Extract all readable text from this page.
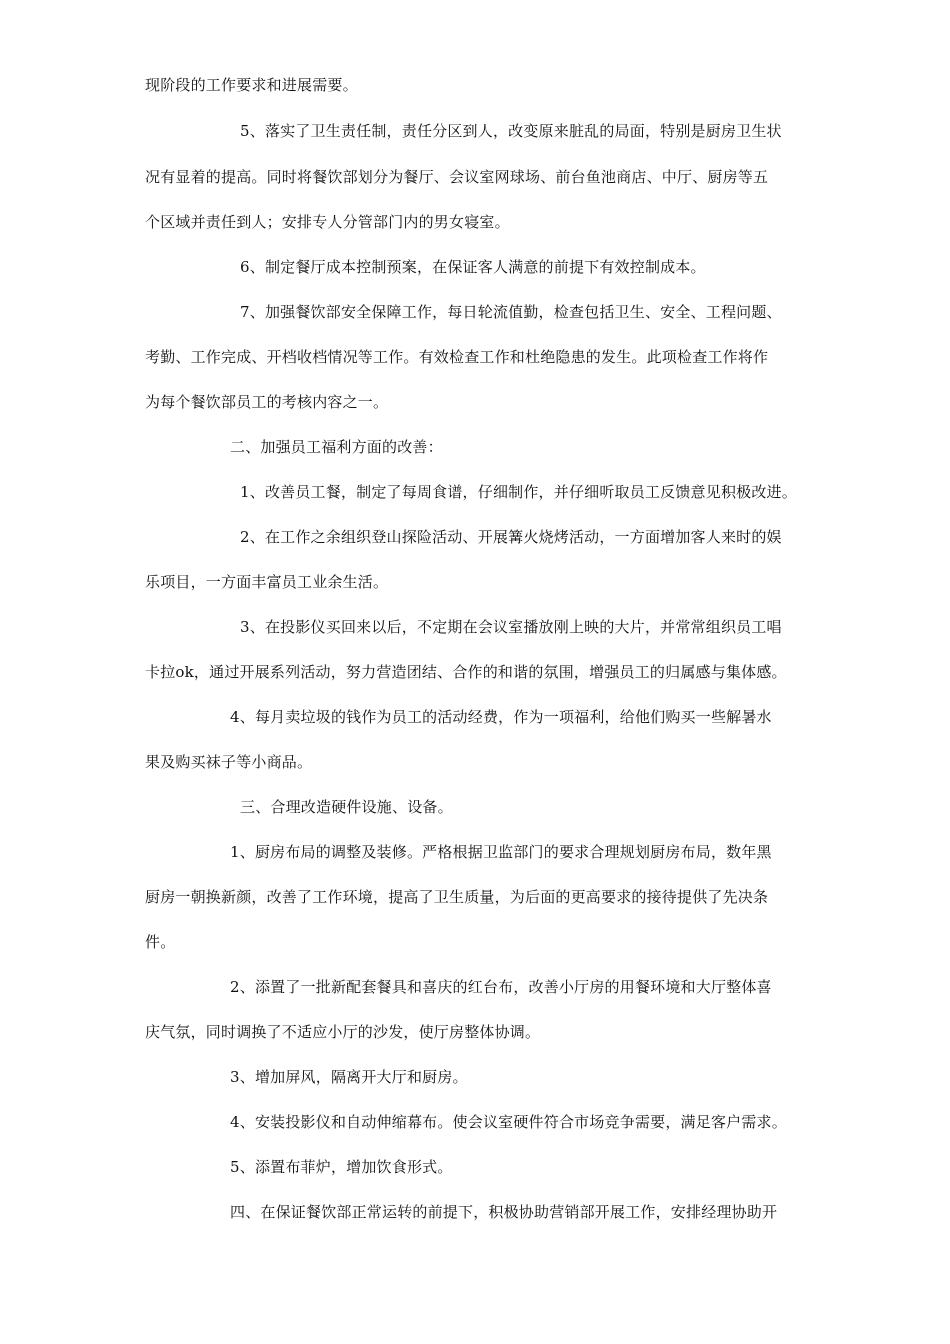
现阶段的工作要求和进展需要。
5、落实了卫生责任制，责任分区到人，改变原来脏乱的局面，特别是厨房卫生状
况有显着的提高。同时将餐饮部划分为餐厅、会议室网球场、前台鱼池商店、中厅、厨房等五
个区域并责任到人；安排专人分管部门内的男女寝室。
6、制定餐厅成本控制预案，在保证客人满意的前提下有效控制成本。
7、加强餐饮部安全保障工作，每日轮流值勤，检查包括卫生、安全、工程问题、
考勤、工作完成、开档收档情况等工作。有效检查工作和杜绝隐患的发生。此项检查工作将作
为每个餐饮部员工的考核内容之一。
二、加强员工福利方面的改善：
1、改善员工餐，制定了每周食谱，仔细制作，并仔细听取员工反馈意见积极改进。
2、在工作之余组织登山探险活动、开展篝火烧烤活动，一方面增加客人来时的娱
乐项目，一方面丰富员工业余生活。
3、在投影仪买回来以后，不定期在会议室播放刚上映的大片，并常常组织员工唱
卡拉ok，通过开展系列活动，努力营造团结、合作的和谐的氛围，增强员工的归属感与集体感。
4、每月卖垃圾的钱作为员工的活动经费，作为一项福利，给他们购买一些解暑水
果及购买袜子等小商品。
三、合理改造硬件设施、设备。
1、厨房布局的调整及装修。严格根据卫监部门的要求合理规划厨房布局，数年黑
厨房一朝换新颜，改善了工作环境，提高了卫生质量，为后面的更高要求的接待提供了先决条
件。
2、添置了一批新配套餐具和喜庆的红台布，改善小厅房的用餐环境和大厅整体喜
庆气氛，同时调换了不适应小厅的沙发，使厅房整体协调。
3、增加屏风，隔离开大厅和厨房。
4、安装投影仪和自动伸缩幕布。使会议室硬件符合市场竞争需要，满足客户需求。
5、添置布菲炉，增加饮食形式。
四、在保证餐饮部正常运转的前提下，积极协助营销部开展工作，安排经理协助开
